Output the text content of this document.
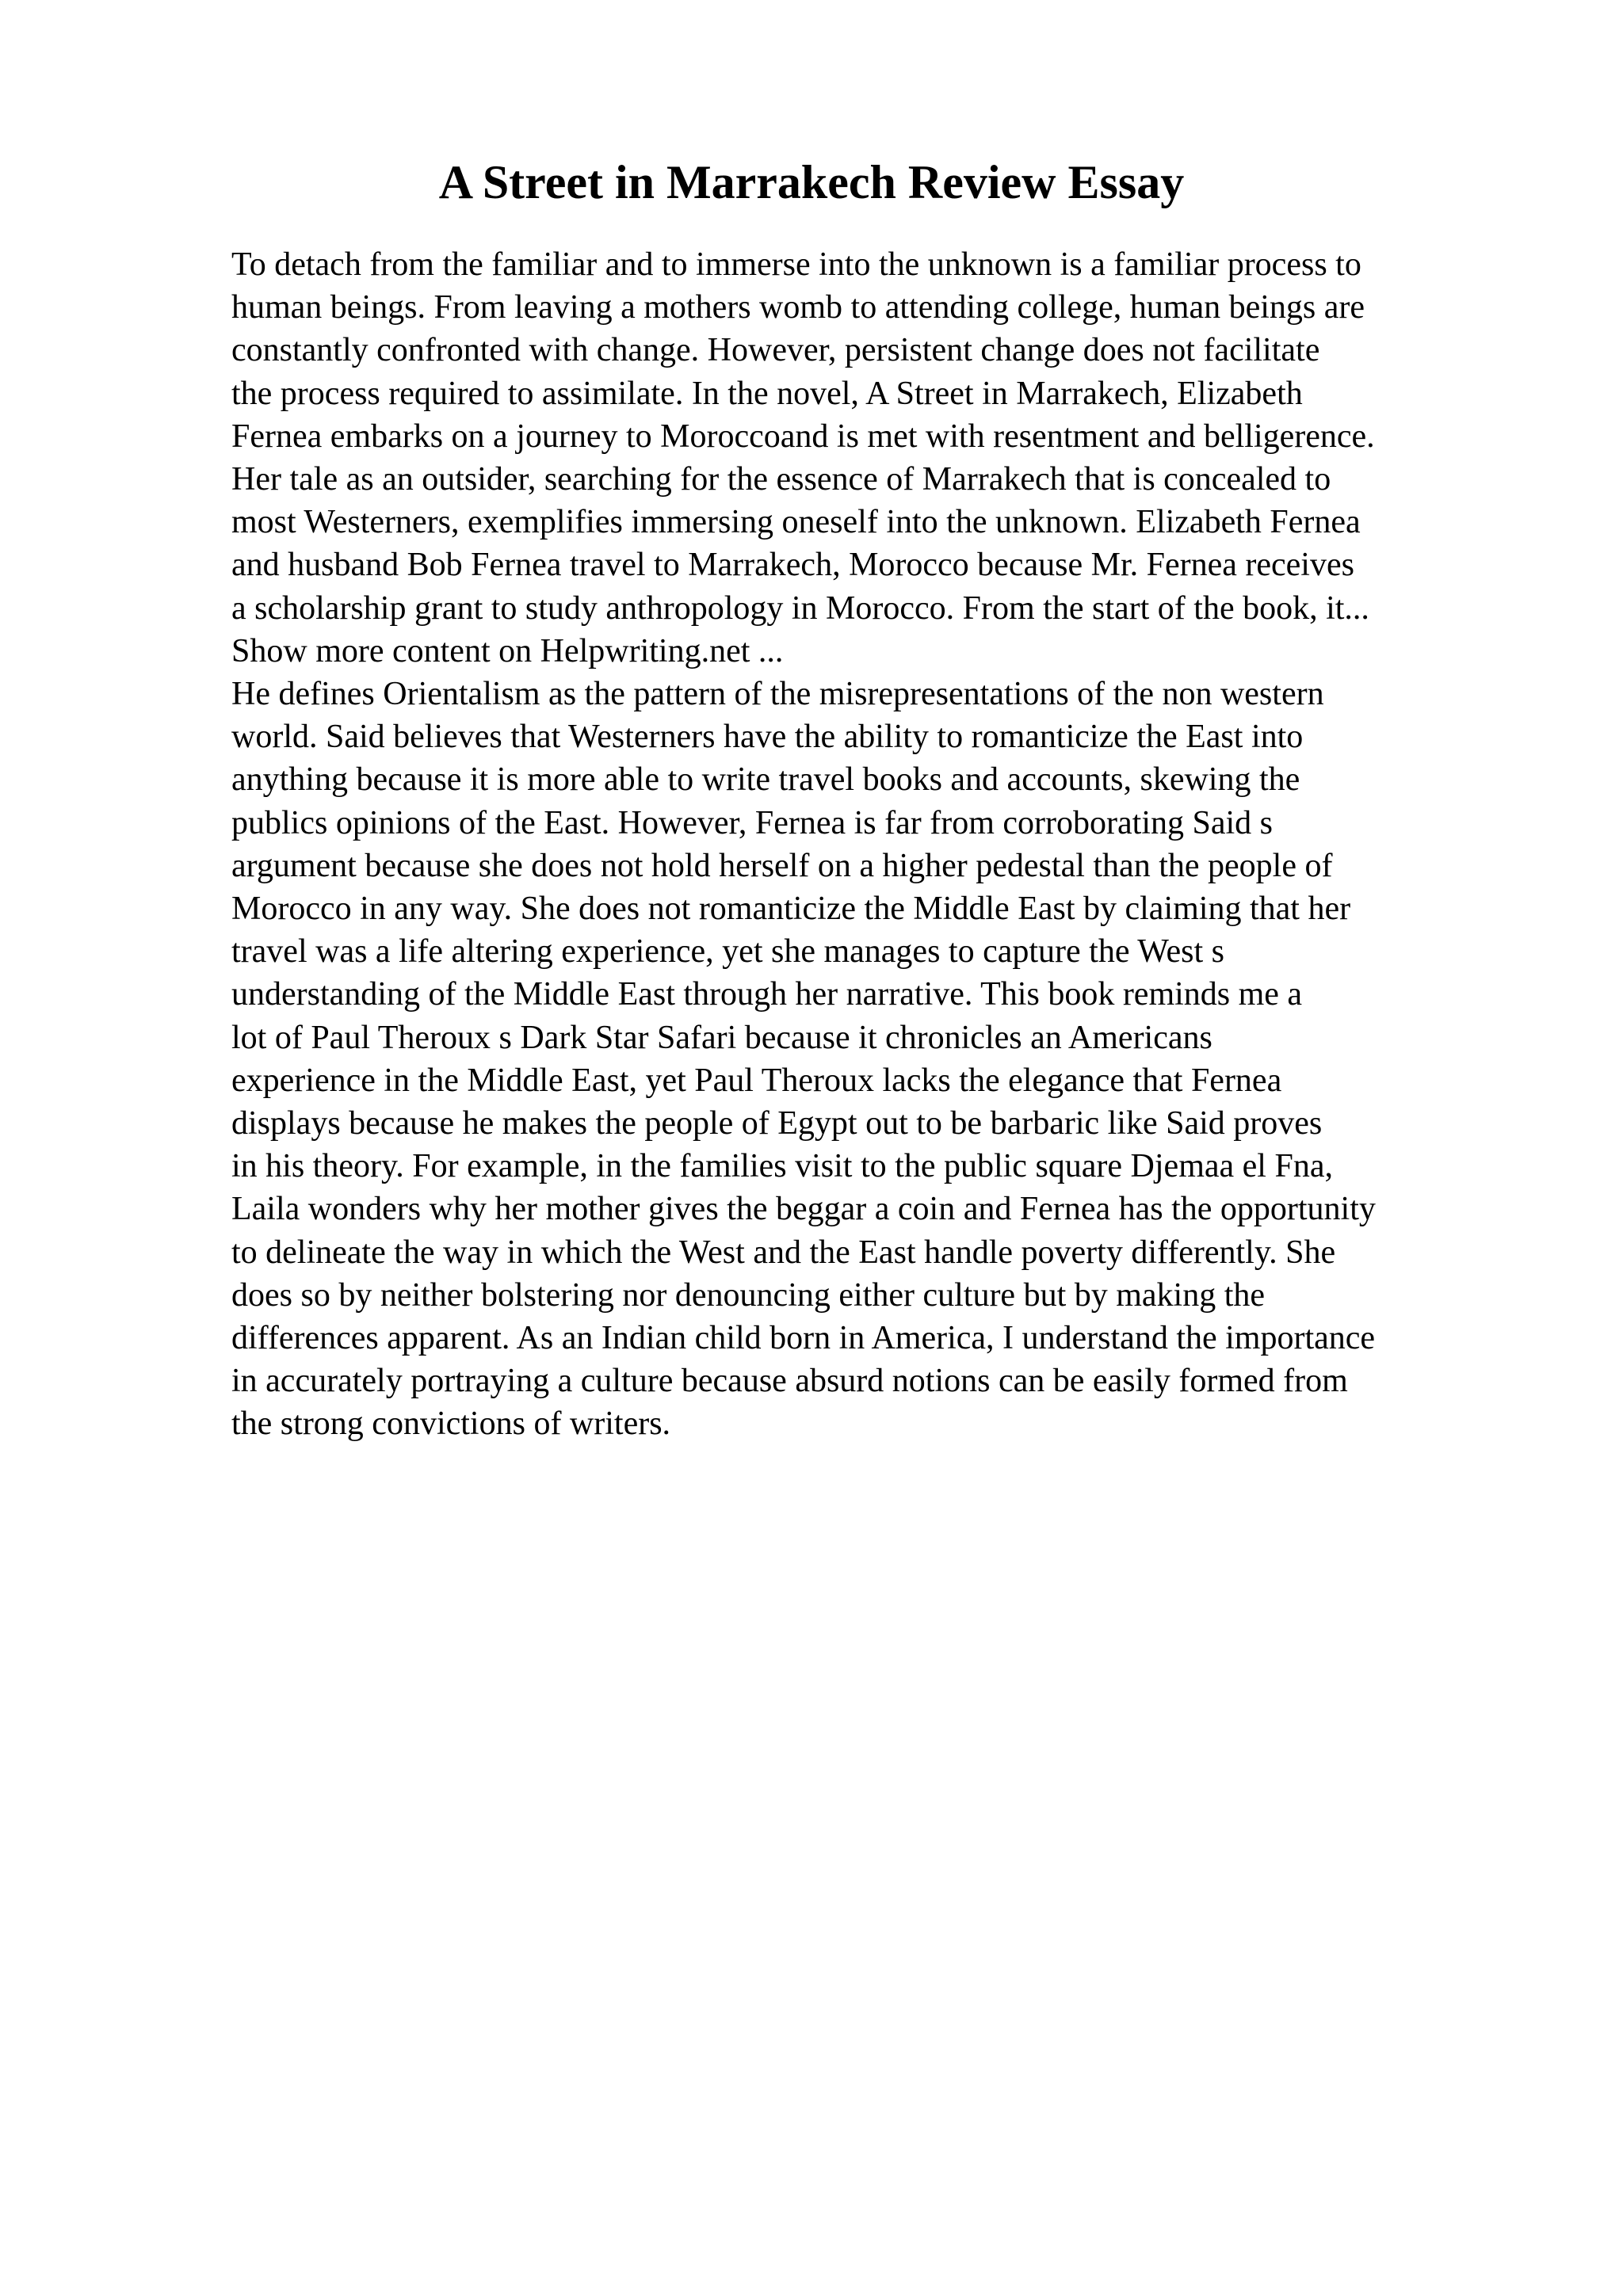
A Street in Marrakech Review Essay
To detach from the familiar and to immerse into the unknown is a familiar process to
human beings. From leaving a mothers womb to attending college, human beings are
constantly confronted with change. However, persistent change does not facilitate
the process required to assimilate. In the novel, A Street in Marrakech, Elizabeth
Fernea embarks on a journey to Moroccoand is met with resentment and belligerence.
Her tale as an outsider, searching for the essence of Marrakech that is concealed to
most Westerners, exemplifies immersing oneself into the unknown. Elizabeth Fernea
and husband Bob Fernea travel to Marrakech, Morocco because Mr. Fernea receives
a scholarship grant to study anthropology in Morocco. From the start of the book, it...
Show more content on Helpwriting.net ...
He defines Orientalism as the pattern of the misrepresentations of the non western
world. Said believes that Westerners have the ability to romanticize the East into
anything because it is more able to write travel books and accounts, skewing the
publics opinions of the East. However, Fernea is far from corroborating Said s
argument because she does not hold herself on a higher pedestal than the people of
Morocco in any way. She does not romanticize the Middle East by claiming that her
travel was a life altering experience, yet she manages to capture the West s
understanding of the Middle East through her narrative. This book reminds me a
lot of Paul Theroux s Dark Star Safari because it chronicles an Americans
experience in the Middle East, yet Paul Theroux lacks the elegance that Fernea
displays because he makes the people of Egypt out to be barbaric like Said proves
in his theory. For example, in the families visit to the public square Djemaa el Fna,
Laila wonders why her mother gives the beggar a coin and Fernea has the opportunity
to delineate the way in which the West and the East handle poverty differently. She
does so by neither bolstering nor denouncing either culture but by making the
differences apparent. As an Indian child born in America, I understand the importance
in accurately portraying a culture because absurd notions can be easily formed from
the strong convictions of writers.
